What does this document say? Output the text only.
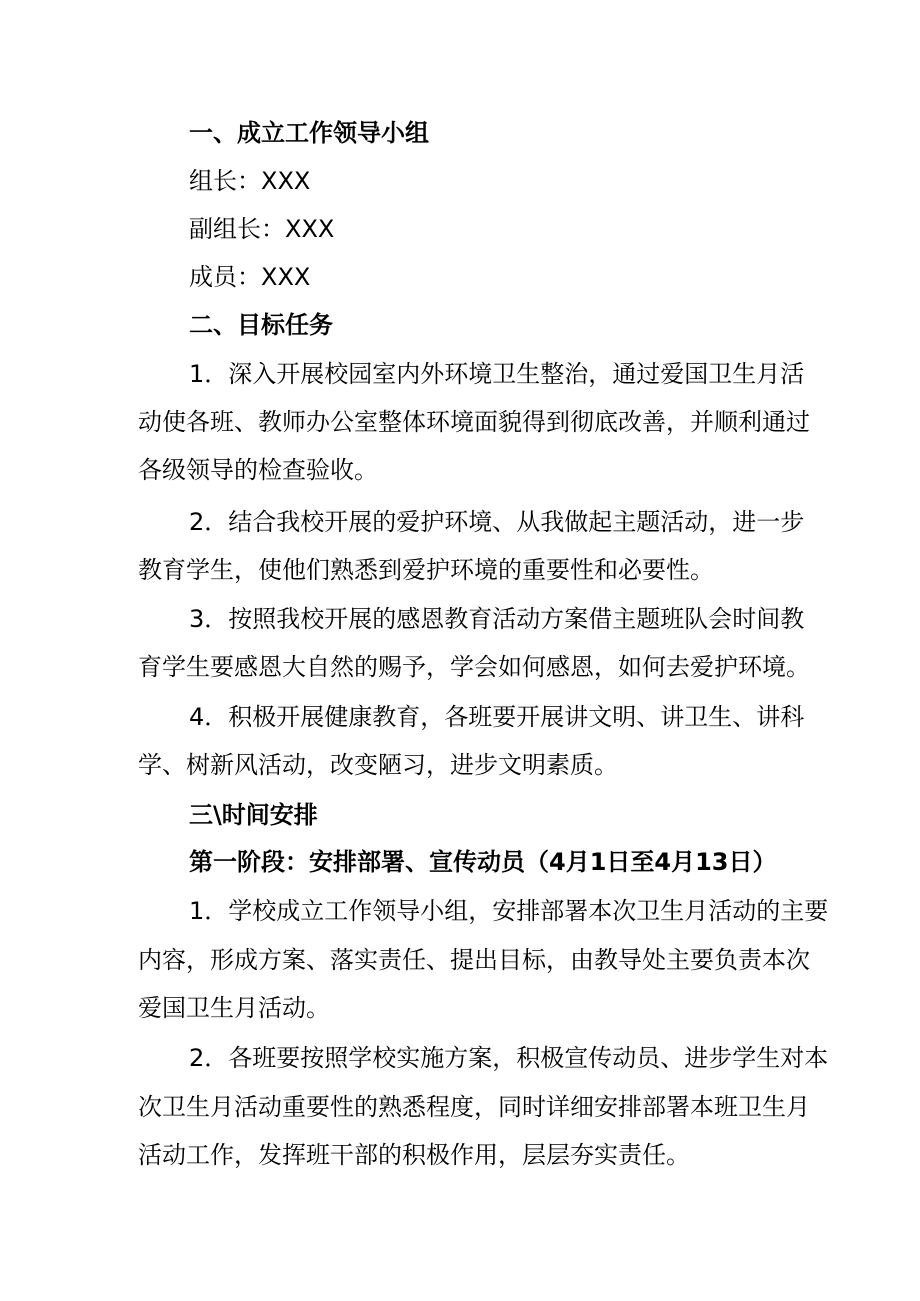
一、成立工作领导小组
组长：XXX
副组长：XXX
成员：XXX
二、目标任务
1．深入开展校园室内外环境卫生整治，通过爱国卫生月活
动使各班、教师办公室整体环境面貌得到彻底改善，并顺利通过
各级领导的检查验收。
2．结合我校开展的爱护环境、从我做起主题活动，进一步
教育学生，使他们熟悉到爱护环境的重要性和必要性。
3．按照我校开展的感恩教育活动方案借主题班队会时间教
育学生要感恩大自然的赐予，学会如何感恩，如何去爱护环境。
4．积极开展健康教育，各班要开展讲文明、讲卫生、讲科
学、树新风活动，改变陋习，进步文明素质。
三\时间安排
第一阶段：安排部署、宣传动员（4月1日至4月13日）
1．学校成立工作领导小组，安排部署本次卫生月活动的主要
内容，形成方案、落实责任、提出目标，由教导处主要负责本次
爱国卫生月活动。
2．各班要按照学校实施方案，积极宣传动员、进步学生对本
次卫生月活动重要性的熟悉程度，同时详细安排部署本班卫生月
活动工作，发挥班干部的积极作用，层层夯实责任。
